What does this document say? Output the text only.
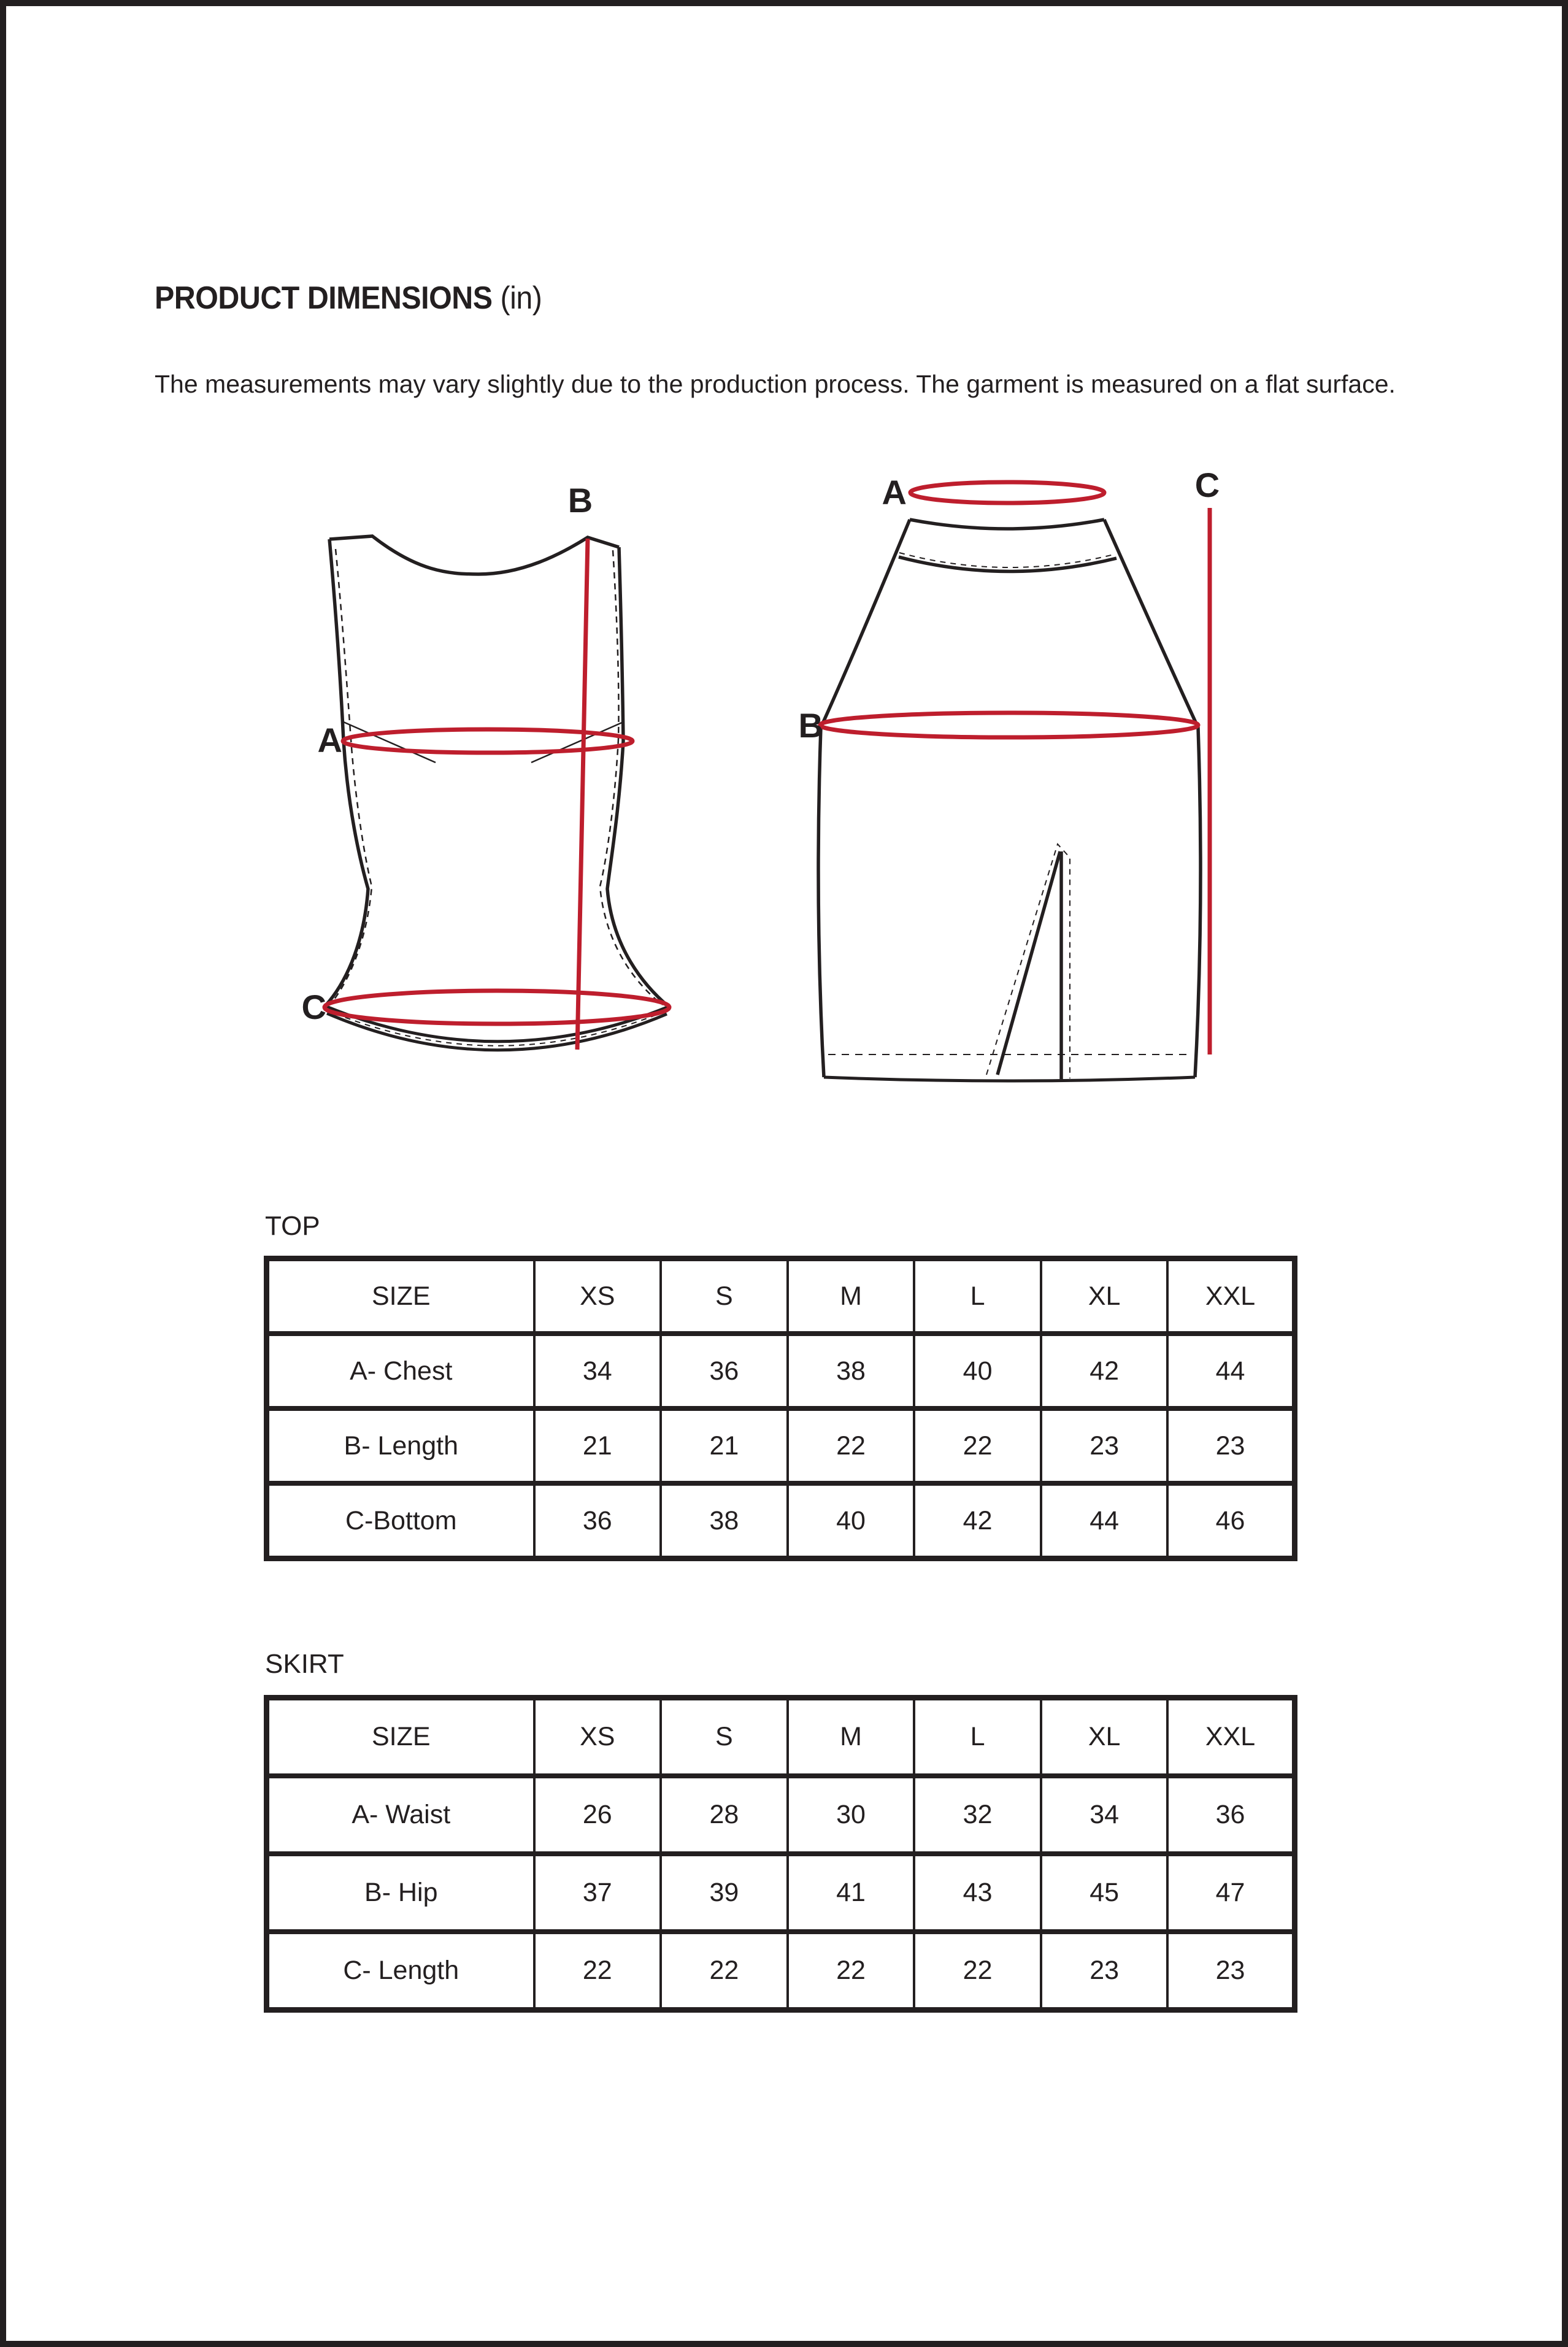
PRODUCT DIMENSIONS (in)
The measurements may vary slightly due to the production process. The garment is measured on a flat surface.
A
B
C
A
B
C
TOP
SIZE	XS	S	M	L	XL	XXL
A- Chest	34	36	38	40	42	44
B- Length	21	21	22	22	23	23
C-Bottom	36	38	40	42	44	46
SKIRT
SIZE	XS	S	M	L	XL	XXL
A- Waist	26	28	30	32	34	36
B- Hip	37	39	41	43	45	47
C- Length	22	22	22	22	23	23
